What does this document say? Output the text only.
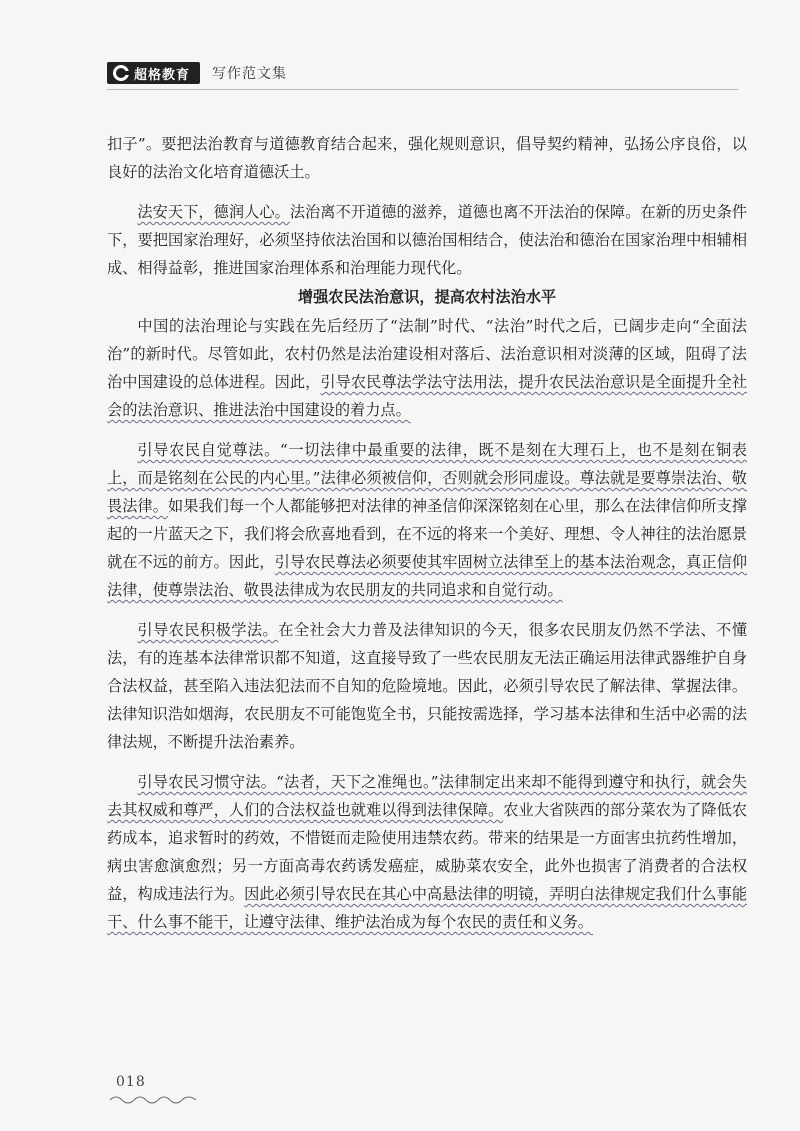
超格教育 写作范文集

扣子”。要把法治教育与道德教育结合起来，强化规则意识，倡导契约精神，弘扬公序良俗，以良好的法治文化培育道德沃土。

法安天下，德润人心。法治离不开道德的滋养，道德也离不开法治的保障。在新的历史条件下，要把国家治理好，必须坚持依法治国和以德治国相结合，使法治和德治在国家治理中相辅相成、相得益彰，推进国家治理体系和治理能力现代化。

增强农民法治意识，提高农村法治水平

中国的法治理论与实践在先后经历了“法制”时代、“法治”时代之后，已阔步走向“全面法治”的新时代。尽管如此，农村仍然是法治建设相对落后、法治意识相对淡薄的区域，阻碍了法治中国建设的总体进程。因此，引导农民尊法学法守法用法，提升农民法治意识是全面提升全社会的法治意识、推进法治中国建设的着力点。

引导农民自觉尊法。“一切法律中最重要的法律，既不是刻在大理石上，也不是刻在铜表上，而是铭刻在公民的内心里。”法律必须被信仰，否则就会形同虚设。尊法就是要尊崇法治、敬畏法律。如果我们每一个人都能够把对法律的神圣信仰深深铭刻在心里，那么在法律信仰所支撑起的一片蓝天之下，我们将会欣喜地看到，在不远的将来一个美好、理想、令人神往的法治愿景就在不远的前方。因此，引导农民尊法必须要使其牢固树立法律至上的基本法治观念，真正信仰法律，使尊崇法治、敬畏法律成为农民朋友的共同追求和自觉行动。

引导农民积极学法。在全社会大力普及法律知识的今天，很多农民朋友仍然不学法、不懂法，有的连基本法律常识都不知道，这直接导致了一些农民朋友无法正确运用法律武器维护自身合法权益，甚至陷入违法犯法而不自知的危险境地。因此，必须引导农民了解法律、掌握法律。法律知识浩如烟海，农民朋友不可能饱览全书，只能按需选择，学习基本法律和生活中必需的法律法规，不断提升法治素养。

引导农民习惯守法。“法者，天下之准绳也。”法律制定出来却不能得到遵守和执行，就会失去其权威和尊严，人们的合法权益也就难以得到法律保障。农业大省陕西的部分菜农为了降低农药成本，追求暂时的药效，不惜铤而走险使用违禁农药。带来的结果是一方面害虫抗药性增加，病虫害愈演愈烈；另一方面高毒农药诱发癌症，威胁菜农安全，此外也损害了消费者的合法权益，构成违法行为。因此必须引导农民在其心中高悬法律的明镜，弄明白法律规定我们什么事能干、什么事不能干，让遵守法律、维护法治成为每个农民的责任和义务。

018
